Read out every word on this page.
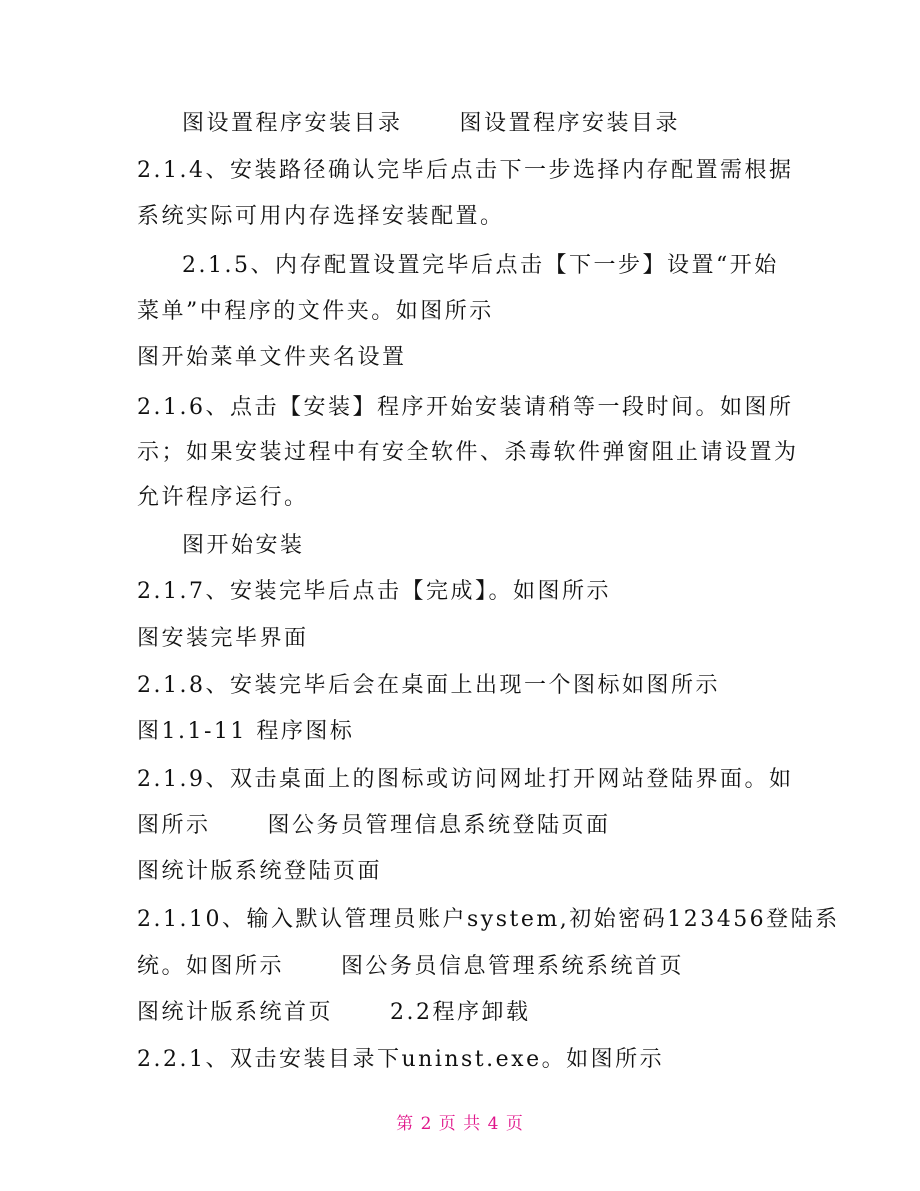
图设置程序安装目录      图设置程序安装目录
2.1.4、安装路径确认完毕后点击下一步选择内存配置需根据
系统实际可用内存选择安装配置。
2.1.5、内存配置设置完毕后点击【下一步】设置“开始
菜单”中程序的文件夹。如图所示
图开始菜单文件夹名设置
2.1.6、点击【安装】程序开始安装请稍等一段时间。如图所
示；如果安装过程中有安全软件、杀毒软件弹窗阻止请设置为
允许程序运行。
图开始安装
2.1.7、安装完毕后点击【完成】。如图所示
图安装完毕界面
2.1.8、安装完毕后会在桌面上出现一个图标如图所示
图1.1-11 程序图标
2.1.9、双击桌面上的图标或访问网址打开网站登陆界面。如
图所示      图公务员管理信息系统登陆页面
图统计版系统登陆页面
2.1.10、输入默认管理员账户system,初始密码123456登陆系
统。如图所示      图公务员信息管理系统系统首页
图统计版系统首页      2.2程序卸载
2.2.1、双击安装目录下uninst.exe。如图所示
第 2 页 共 4 页
